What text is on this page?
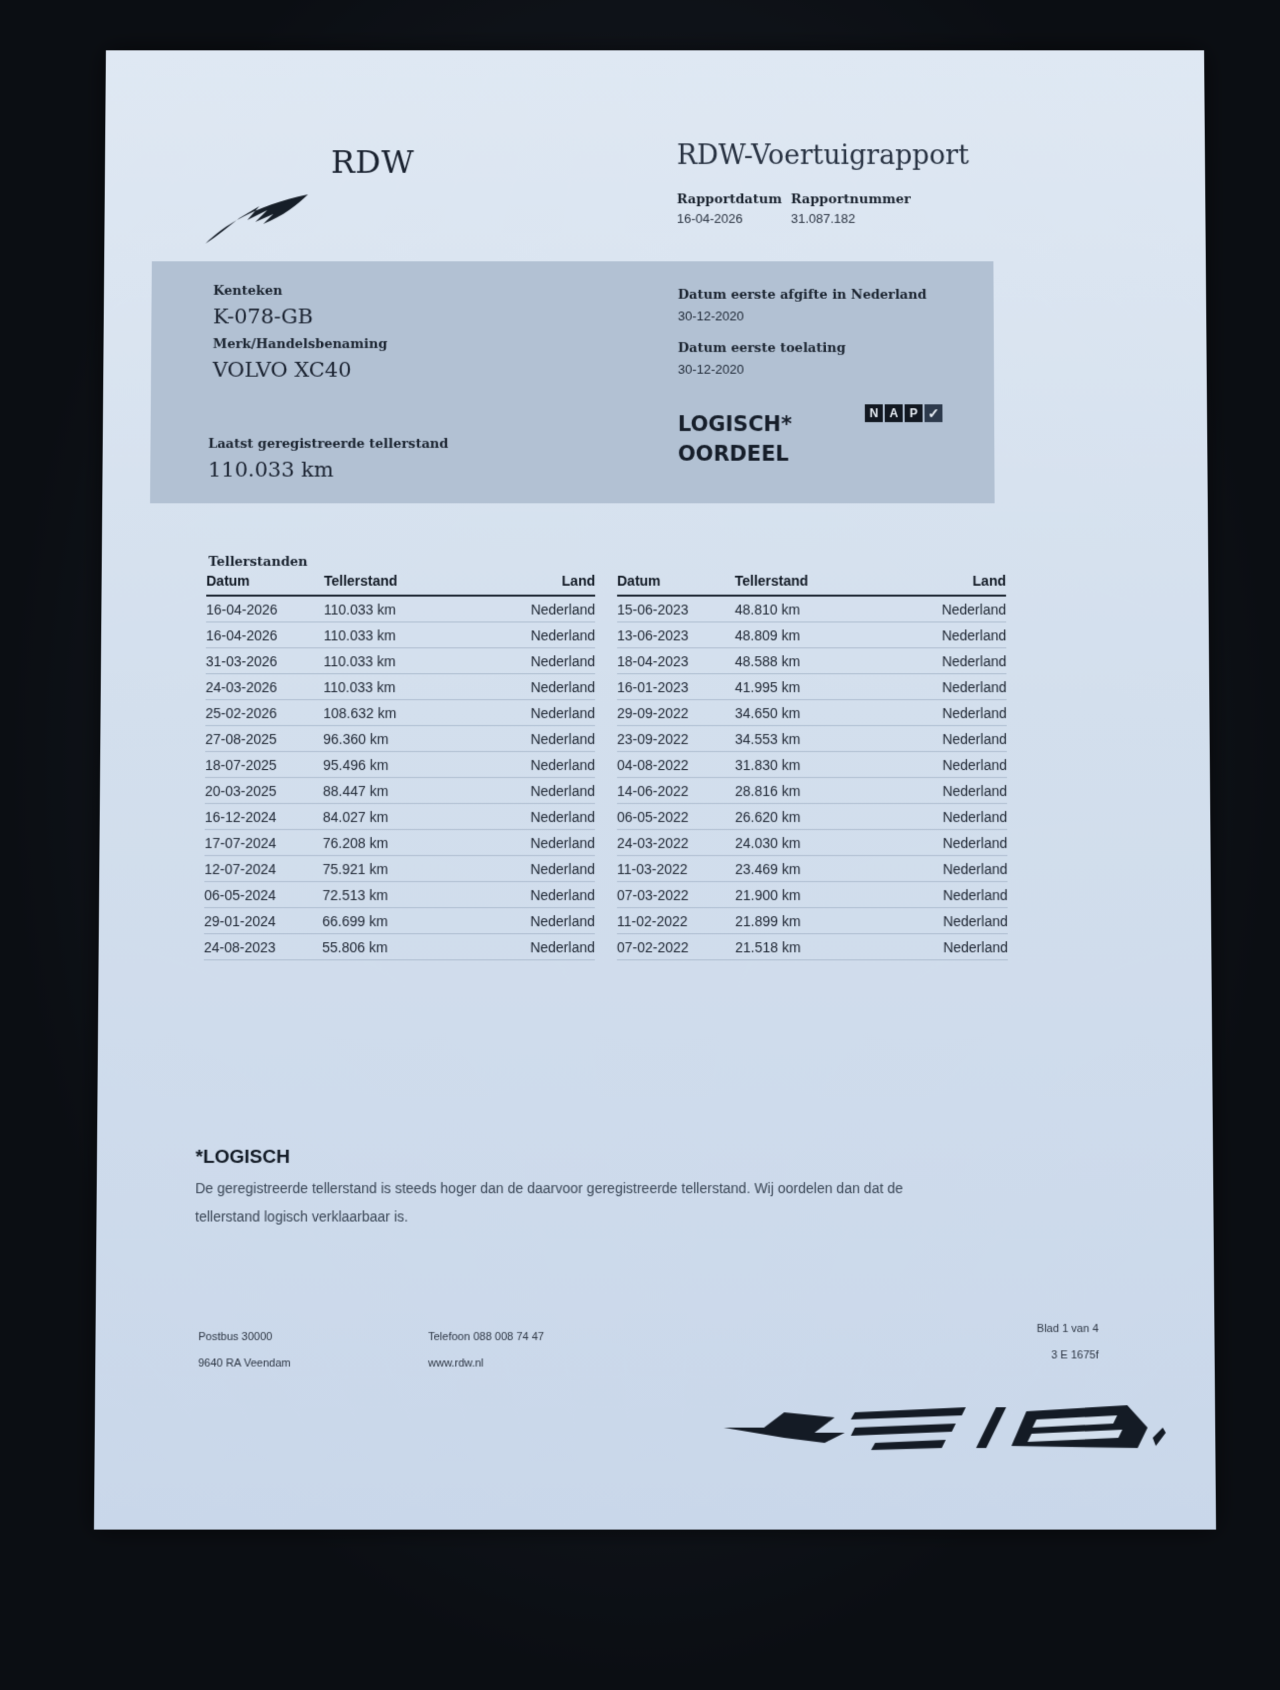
RDW	RDW-Voertuigrapport
Rapportdatum
16-04-2026
Rapportnummer
31.087.182
Kenteken
K-078-GB
Merk/Handelsbenaming
VOLVO XC40
Laatst geregistreerde tellerstand
110.033 km
Datum eerste afgifte in Nederland
30-12-2020
Datum eerste toelating
30-12-2020
LOGISCH*
OORDEEL
N A P ✓
Tellerstanden
Datum	Tellerstand	Land
16-04-2026	110.033 km	Nederland
16-04-2026	110.033 km	Nederland
31-03-2026	110.033 km	Nederland
24-03-2026	110.033 km	Nederland
25-02-2026	108.632 km	Nederland
27-08-2025	96.360 km	Nederland
18-07-2025	95.496 km	Nederland
20-03-2025	88.447 km	Nederland
16-12-2024	84.027 km	Nederland
17-07-2024	76.208 km	Nederland
12-07-2024	75.921 km	Nederland
06-05-2024	72.513 km	Nederland
29-01-2024	66.699 km	Nederland
24-08-2023	55.806 km	Nederland
Datum	Tellerstand	Land
15-06-2023	48.810 km	Nederland
13-06-2023	48.809 km	Nederland
18-04-2023	48.588 km	Nederland
16-01-2023	41.995 km	Nederland
29-09-2022	34.650 km	Nederland
23-09-2022	34.553 km	Nederland
04-08-2022	31.830 km	Nederland
14-06-2022	28.816 km	Nederland
06-05-2022	26.620 km	Nederland
24-03-2022	24.030 km	Nederland
11-03-2022	23.469 km	Nederland
07-03-2022	21.900 km	Nederland
11-02-2022	21.899 km	Nederland
07-02-2022	21.518 km	Nederland
*LOGISCH
De geregistreerde tellerstand is steeds hoger dan de daarvoor geregistreerde tellerstand. Wij oordelen dan dat de tellerstand logisch verklaarbaar is.
Postbus 30000
9640 RA Veendam
Telefoon 088 008 74 47
www.rdw.nl
Blad 1 van 4
3 E 1675f
